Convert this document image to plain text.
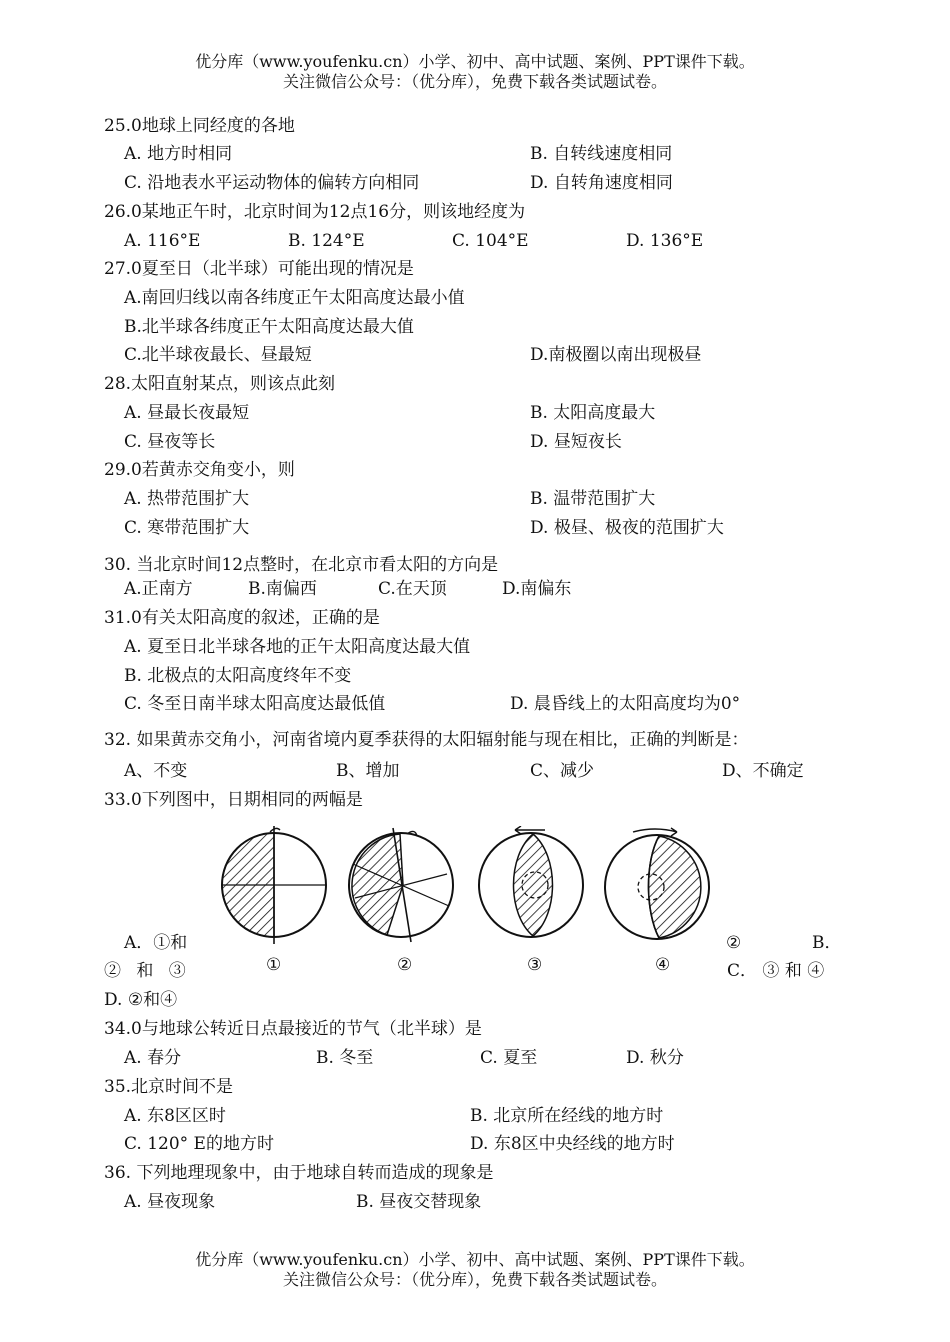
优分库（www.youfenku.cn）小学、初中、高中试题、案例、PPT课件下载。
关注微信公众号：（优分库），免费下载各类试题试卷。
25.0地球上同经度的各地
A. 地方时相同	B. 自转线速度相同
C. 沿地表水平运动物体的偏转方向相同	D. 自转角速度相同
26.0某地正午时，北京时间为12点16分，则该地经度为
A. 116°E	B. 124°E	C. 104°E	D. 136°E
27.0夏至日（北半球）可能出现的情况是
A.南回归线以南各纬度正午太阳高度达最小值
B.北半球各纬度正午太阳高度达最大值
C.北半球夜最长、昼最短	D.南极圈以南出现极昼
28.太阳直射某点，则该点此刻
A. 昼最长夜最短	B. 太阳高度最大
C. 昼夜等长	D. 昼短夜长
29.0若黄赤交角变小，则
A. 热带范围扩大	B. 温带范围扩大
C. 寒带范围扩大	D. 极昼、极夜的范围扩大
30. 当北京时间12点整时，在北京市看太阳的方向是
A.正南方	B.南偏西	C.在天顶	D.南偏东
31.0有关太阳高度的叙述，正确的是
A. 夏至日北半球各地的正午太阳高度达最大值
B. 北极点的太阳高度终年不变
C. 冬至日南半球太阳高度达最低值	D. 晨昏线上的太阳高度均为0°
32. 如果黄赤交角小，河南省境内夏季获得的太阳辐射能与现在相比，正确的判断是：
A、不变	B、增加	C、减少	D、不确定
33.0下列图中，日期相同的两幅是
①	②	③	④
A．①和	②	B．
② 和 ③	C． ③ 和 ④
D. ②和④
34.0与地球公转近日点最接近的节气（北半球）是
A. 春分	B. 冬至	C. 夏至	D. 秋分
35.北京时间不是
A. 东8区区时	B. 北京所在经线的地方时
C. 120° E的地方时	D. 东8区中央经线的地方时
36. 下列地理现象中，由于地球自转而造成的现象是
A. 昼夜现象	B. 昼夜交替现象
优分库（www.youfenku.cn）小学、初中、高中试题、案例、PPT课件下载。
关注微信公众号：（优分库），免费下载各类试题试卷。
